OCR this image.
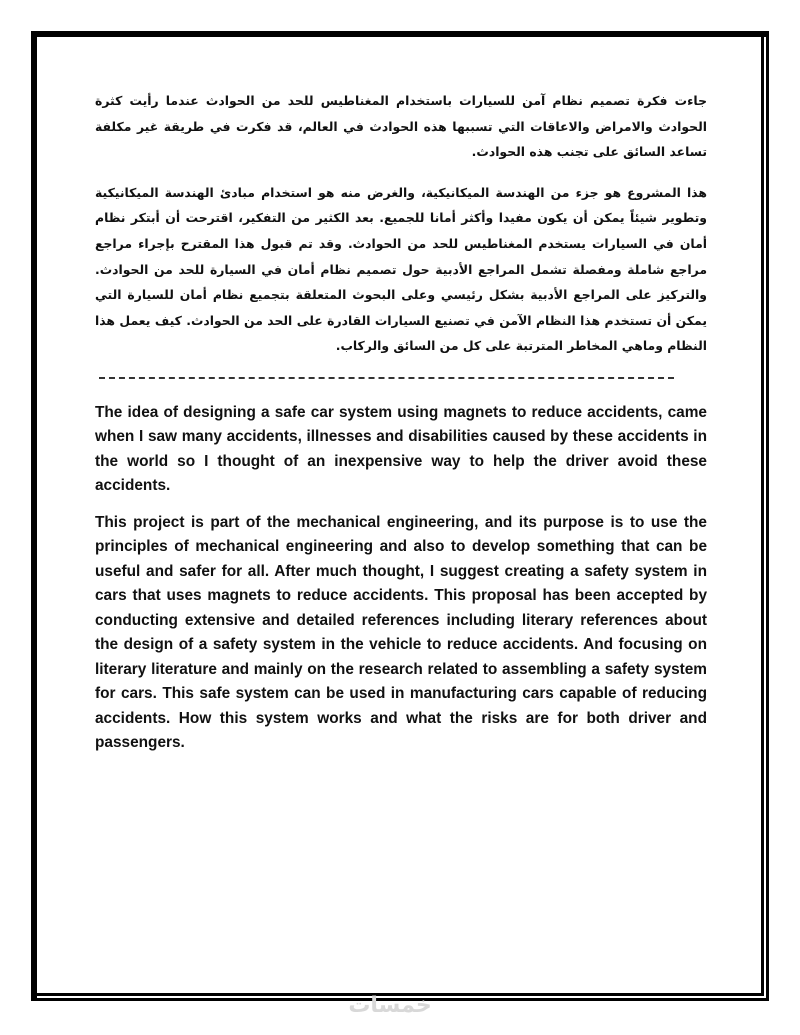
جاءت فكرة تصميم نظام آمن للسيارات باستخدام المغناطيس للحد من الحوادث عندما رأيت كثرة الحوادث والامراض والاعاقات التي تسببها هذه الحوادث في العالم، قد فكرت في طريقة غير مكلفة تساعد السائق على تجنب هذه الحوادث.

هذا المشروع هو جزء من الهندسة الميكانيكية، والغرض منه هو استخدام مبادئ الهندسة الميكانيكية وتطوير شيئاً يمكن أن يكون مفيدا وأكثر أمانا للجميع. بعد الكثير من التفكير، اقترحت أن أبتكر نظام أمان في السيارات يستخدم المغناطيس للحد من الحوادث. وقد تم قبول هذا المقترح بإجراء مراجع مراجع شاملة ومفصلة تشمل المراجع الأدبية حول تصميم نظام أمان في السيارة للحد من الحوادث. والتركيز على المراجع الأدبية بشكل رئيسي وعلى البحوث المتعلقة بتجميع نظام أمان للسيارة التي يمكن أن تستخدم هذا النظام الآمن في تصنيع السيارات القادرة على الحد من الحوادث. كيف يعمل هذا النظام وماهي المخاطر المترتبة على كل من السائق والركاب.

The idea of designing a safe car system using magnets to reduce accidents, came when I saw many accidents, illnesses and disabilities caused by these accidents in the world so I thought of an inexpensive way to help the driver avoid these accidents.

This project is part of the mechanical engineering, and its purpose is to use the principles of mechanical engineering and also to develop something that can be useful and safer for all. After much thought, I suggest creating a safety system in cars that uses magnets to reduce accidents. This proposal has been accepted by conducting extensive and detailed references including literary references about the design of a safety system in the vehicle to reduce accidents. And focusing on literary literature and mainly on the research related to assembling a safety system for cars. This safe system can be used in manufacturing cars capable of reducing accidents. How this system works and what the risks are for both driver and passengers.

خمسات
